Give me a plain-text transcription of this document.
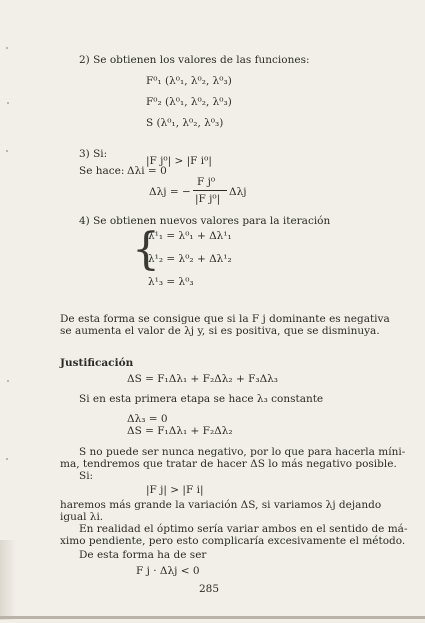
2) Se obtienen los valores de las funciones:
F⁰₁ (λ⁰₁, λ⁰₂, λ⁰₃)
F⁰₂ (λ⁰₁, λ⁰₂, λ⁰₃)
S (λ⁰₁, λ⁰₂, λ⁰₃)
3) Si:
|F j⁰| > |F i⁰|
Se hace: Δλi = 0
Δλj = −
F j⁰
|F j⁰|
Δλj
4) Se obtienen nuevos valores para la iteración
{
λ¹₁ = λ⁰₁ + Δλ¹₁
λ¹₂ = λ⁰₂ + Δλ¹₂
λ¹₃ = λ⁰₃
De esta forma se consigue que si la F j dominante es negativa
se aumenta el valor de λj y, si es positiva, que se disminuya.
Justificación
ΔS = F₁Δλ₁ + F₂Δλ₂ + F₃Δλ₃
Si en esta primera etapa se hace λ₃ constante
Δλ₃ = 0
ΔS = F₁Δλ₁ + F₂Δλ₂
S no puede ser nunca negativo, por lo que para hacerla míni-
ma, tendremos que tratar de hacer ΔS lo más negativo posible.
Si:
|F j| > |F i|
haremos más grande la variación ΔS, si variamos λj dejando
igual λi.
En realidad el óptimo sería variar ambos en el sentido de má-
ximo pendiente, pero esto complicaría excesivamente el método.
De esta forma ha de ser
F j · Δλj < 0
285
